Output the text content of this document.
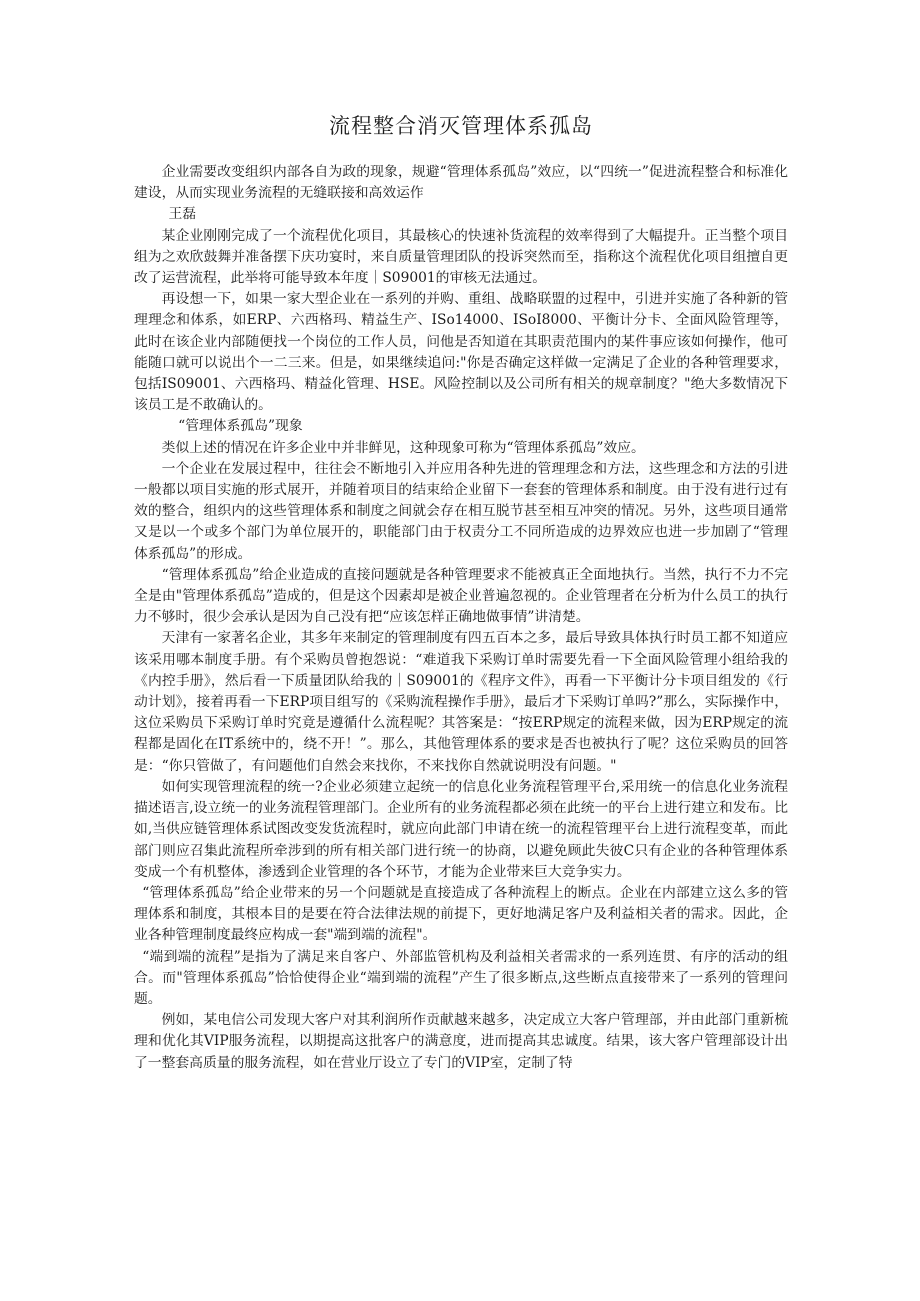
流程整合消灭管理体系孤岛

企业需要改变组织内部各自为政的现象，规避“管理体系孤岛”效应，以“四统一”促进流程整合和标准化建设，从而实现业务流程的无缝联接和高效运作

王磊

某企业刚刚完成了一个流程优化项目，其最核心的快速补货流程的效率得到了大幅提升。正当整个项目组为之欢欣鼓舞并准备摆下庆功宴时，来自质量管理团队的投诉突然而至，指称这个流程优化项目组擅自更改了运营流程，此举将可能导致本年度｜S09001的审核无法通过。

再设想一下，如果一家大型企业在一系列的并购、重组、战略联盟的过程中，引进并实施了各种新的管理理念和体系，如ERP、六西格玛、精益生产、ISo14000、ISoI8000、平衡计分卡、全面风险管理等，此时在该企业内部随便找一个岗位的工作人员，问他是否知道在其职责范围内的某件事应该如何操作，他可能随口就可以说出个一二三来。但是，如果继续追问:"你是否确定这样做一定满足了企业的各种管理要求，包括IS09001、六西格玛、精益化管理、HSE。风险控制以及公司所有相关的规章制度？"绝大多数情况下该员工是不敢确认的。

“管理体系孤岛”现象

类似上述的情况在许多企业中并非鲜见，这种现象可称为“管理体系孤岛”效应。

一个企业在发展过程中，往往会不断地引入并应用各种先进的管理理念和方法，这些理念和方法的引进一般都以项目实施的形式展开，并随着项目的结束给企业留下一套套的管理体系和制度。由于没有进行过有效的整合，组织内的这些管理体系和制度之间就会存在相互脱节甚至相互冲突的情况。另外，这些项目通常又是以一个或多个部门为单位展开的，职能部门由于权责分工不同所造成的边界效应也进一步加剧了“管理体系孤岛”的形成。

“管理体系孤岛”给企业造成的直接问题就是各种管理要求不能被真正全面地执行。当然，执行不力不完全是由"管理体系孤岛”造成的，但是这个因素却是被企业普遍忽视的。企业管理者在分析为什么员工的执行力不够时，很少会承认是因为自己没有把“应该怎样正确地做事情”讲清楚。

天津有一家著名企业，其多年来制定的管理制度有四五百本之多，最后导致具体执行时员工都不知道应该采用哪本制度手册。有个采购员曾抱怨说：“难道我下采购订单时需要先看一下全面风险管理小组给我的《内控手册》，然后看一下质量团队给我的｜S09001的《程序文件》，再看一下平衡计分卡项目组发的《行动计划》，接着再看一下ERP项目组写的《采购流程操作手册》，最后才下采购订单吗?”那么，实际操作中，这位采购员下采购订单时究竟是遵循什么流程呢？其答案是：“按ERP规定的流程来做，因为ERP规定的流程都是固化在IT系统中的，绕不开！”。那么，其他管理体系的要求是否也被执行了呢？这位采购员的回答是：“你只管做了，有问题他们自然会来找你，不来找你自然就说明没有问题。"

如何实现管理流程的统一?企业必须建立起统一的信息化业务流程管理平台,采用统一的信息化业务流程描述语言,设立统一的业务流程管理部门。企业所有的业务流程都必须在此统一的平台上进行建立和发布。比如,当供应链管理体系试图改变发货流程时，就应向此部门申请在统一的流程管理平台上进行流程变革，而此部门则应召集此流程所牵涉到的所有相关部门进行统一的协商，以避免顾此失彼C只有企业的各种管理体系变成一个有机整体，渗透到企业管理的各个环节，才能为企业带来巨大竞争实力。

“管理体系孤岛”给企业带来的另一个问题就是直接造成了各种流程上的断点。企业在内部建立这么多的管理体系和制度，其根本目的是要在符合法律法规的前提下，更好地满足客户及利益相关者的需求。因此，企业各种管理制度最终应构成一套"端到端的流程"。

“端到端的流程”是指为了满足来自客户、外部监管机构及利益相关者需求的一系列连贯、有序的活动的组合。而"管理体系孤岛”恰恰使得企业“端到端的流程”产生了很多断点,这些断点直接带来了一系列的管理问题。

例如，某电信公司发现大客户对其利润所作贡献越来越多，决定成立大客户管理部，并由此部门重新梳理和优化其VIP服务流程，以期提高这批客户的满意度，进而提高其忠诚度。结果，该大客户管理部设计出了一整套高质量的服务流程，如在营业厅设立了专门的VIP室，定制了特
